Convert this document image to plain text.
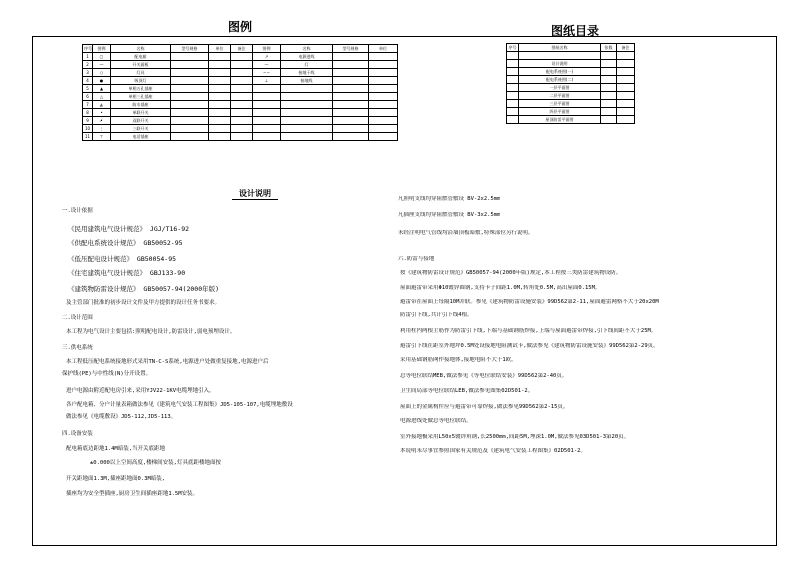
图例	图纸目录
设计说明
序号	图例	名称	型号规格	单位	备注	图例	名称	型号规格	单位
1	▢	配电箱				↗	电源进线		
2	—	开关面板				—	灯		
3	○	灯具				─ ─	接地干线		
4	●	吸顶灯				⊥	接地线		
5	▲	单相五孔插座							
6	△	单相三孔插座							
7	◭	防水插座							
8	•	单联开关							
9	•̸	双联开关							
10	⋮	三联开关							
11	⊤	电话插座							
序号	图纸名称	张数	备注

	设计说明		
	配电系统图(一)		
	配电系统图(二)		
	一层平面图		
	二层平面图		
	三层平面图		
	四层平面图		
	屋顶防雷平面图		
一.设计依据
《民用建筑电气设计规范》 JGJ/T16-92
《供配电系统设计规范》 GB50052-95
《低压配电设计规范》 GB50054-95
《住宅建筑电气设计规范》 GBJ133-90
《建筑物防雷设计规范》 GB50057-94(2000年版)
及主管部门批准的初步设计文件及甲方提供的设计任务书要求。
二.设计范围
本工程为电气设计主要包括:照明配电设计,防雷设计,弱电预埋设计。
三.供电系统
本工程低压配电系统接地形式采用TN-C-S系统,电源进户处做重复接地,电源进户后
保护线(PE)与中性线(N)分开设置。
进户电源由附近配电房引来,采用YJV22-1KV电缆埋地引入。
各户配电箱、分户计量表箱做法参见《建筑电气安装工程图集》JD5-105-107,电缆埋地敷设
做法参见《电缆敷设》JD5-112,JD5-113。
四.设备安装
配电箱底边距地1.4M暗装,当开关底距地
±0.000以上空间高度,楼梯间安装,灯具底距楼地面按
开关距地面1.3M,插座距地面0.3M暗装,
插座均为安全型插座,厨房卫生间插座距地1.5M安装。
凡照明支线均穿阻燃管敷设 BV-2x2.5mm
凡插座支线均穿阻燃管敷设 BV-3x2.5mm
未经注明电气管线均沿墙顶板暗敷,特殊部位另行说明。
六.防雷与接地
按《建筑物防雷设计规范》GB50057-94(2000年版)规定,本工程按三类防雷建筑物设防。
屋面避雷带采用Φ10镀锌圆钢,支持卡子间距1.0M,转角处0.5M,高出屋面0.15M。
避雷带在屋面上每隔10M并联。参见《建筑物防雷设施安装》99D562第2-11,屋面避雷网格不大于20x20M
防雷引下线,共计引下线4根。
利用柱内两根主筋作为防雷引下线,下端与基础钢筋焊接,上端与屋面避雷带焊接,引下线间距不大于25M。
避雷引下线在距室外地坪0.5M处设接地电阻测试卡,做法参见《建筑物防雷设施安装》99D562第2-29页。
采用基础钢筋网作接地体,接地电阻不大于1欧。
总等电位联结MEB,做法参见《等电位联结安装》99D562第2-40页。
卫生间局部等电位联结LEB,做法参见图集02D501-2。
屋面上的金属构件应与避雷带可靠焊接,做法参见99D562第2-15页。
电源进线处做总等电位联结。
室外接地极采用L50x5镀锌角钢,长2500mm,间距5M,埋深1.0M,做法参见03D501-3第20页。
本说明未尽事宜参照国家有关规范及《建筑电气安装工程图集》02D501-2。
